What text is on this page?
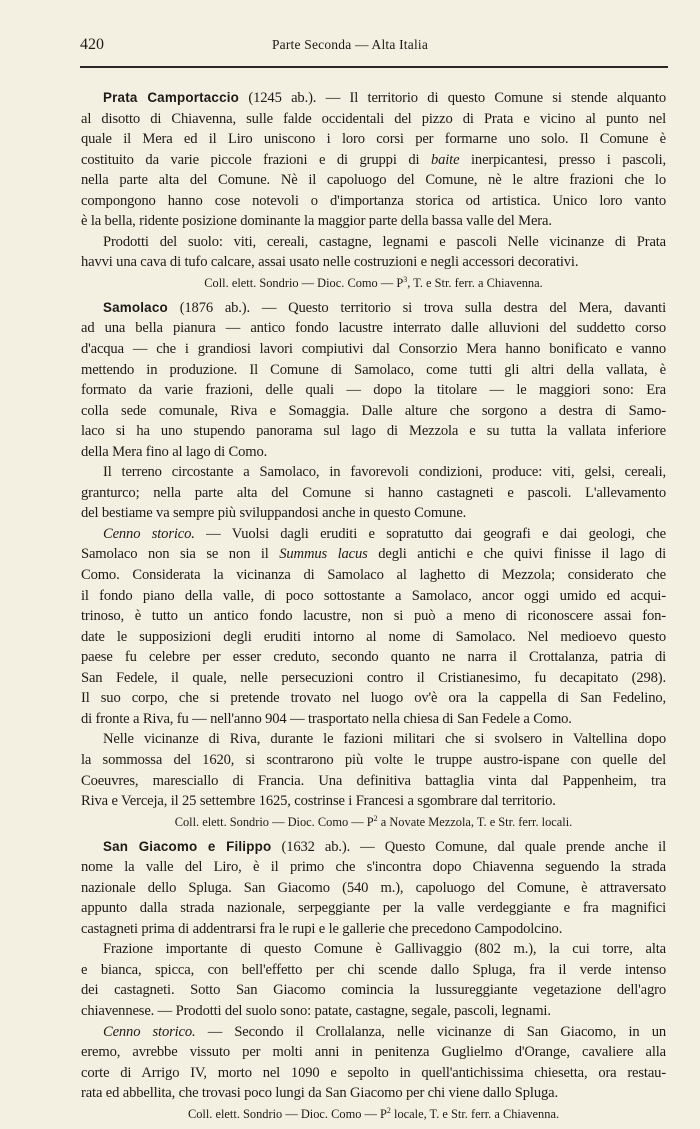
420	Parte Seconda — Alta Italia
Prata Camportaccio (1245 ab.). — Il territorio di questo Comune si stende alquanto
al disotto di Chiavenna, sulle falde occidentali del pizzo di Prata e vicino al punto nel
quale il Mera ed il Liro uniscono i loro corsi per formarne uno solo. Il Comune è
costituito da varie piccole frazioni e di gruppi di baite inerpicantesi, presso i pascoli,
nella parte alta del Comune. Nè il capoluogo del Comune, nè le altre frazioni che lo
compongono hanno cose notevoli o d'importanza storica od artistica. Unico loro vanto
è la bella, ridente posizione dominante la maggior parte della bassa valle del Mera.
Prodotti del suolo: viti, cereali, castagne, legnami e pascoli Nelle vicinanze di Prata
havvi una cava di tufo calcare, assai usato nelle costruzioni e negli accessori decorativi.
Coll. elett. Sondrio — Dioc. Como — $P^3$, T. e Str. ferr. a Chiavenna.
Samolaco (1876 ab.). — Questo territorio si trova sulla destra del Mera, davanti
ad una bella pianura — antico fondo lacustre interrato dalle alluvioni del suddetto corso
d'acqua — che i grandiosi lavori compiutivi dal Consorzio Mera hanno bonificato e vanno
mettendo in produzione. Il Comune di Samolaco, come tutti gli altri della vallata, è
formato da varie frazioni, delle quali — dopo la titolare — le maggiori sono: Era
colla sede comunale, Riva e Somaggia. Dalle alture che sorgono a destra di Samo-
laco si ha uno stupendo panorama sul lago di Mezzola e su tutta la vallata inferiore
della Mera fino al lago di Como.
Il terreno circostante a Samolaco, in favorevoli condizioni, produce: viti, gelsi, cereali,
granturco; nella parte alta del Comune si hanno castagneti e pascoli. L'allevamento
del bestiame va sempre più sviluppandosi anche in questo Comune.
Cenno storico. — Vuolsi dagli eruditi e sopratutto dai geografi e dai geologi, che
Samolaco non sia se non il Summus lacus degli antichi e che quivi finisse il lago di
Como. Considerata la vicinanza di Samolaco al laghetto di Mezzola; considerato che
il fondo piano della valle, di poco sottostante a Samolaco, ancor oggi umido ed acqui-
trinoso, è tutto un antico fondo lacustre, non si può a meno di riconoscere assai fon-
date le supposizioni degli eruditi intorno al nome di Samolaco. Nel medioevo questo
paese fu celebre per esser creduto, secondo quanto ne narra il Crottalanza, patria di
San Fedele, il quale, nelle persecuzioni contro il Cristianesimo, fu decapitato (298).
Il suo corpo, che si pretende trovato nel luogo ov'è ora la cappella di San Fedelino,
di fronte a Riva, fu — nell'anno 904 — trasportato nella chiesa di San Fedele a Como.
Nelle vicinanze di Riva, durante le fazioni militari che si svolsero in Valtellina dopo
la sommossa del 1620, si scontrarono più volte le truppe austro-ispane con quelle del
Coeuvres, maresciallo di Francia. Una definitiva battaglia vinta dal Pappenheim, tra
Riva e Verceja, il 25 settembre 1625, costrinse i Francesi a sgombrare dal territorio.
Coll. elett. Sondrio — Dioc. Como — $P^2$ a Novate Mezzola, T. e Str. ferr. locali.
San Giacomo e Filippo (1632 ab.). — Questo Comune, dal quale prende anche il
nome la valle del Liro, è il primo che s'incontra dopo Chiavenna seguendo la strada
nazionale dello Spluga. San Giacomo (540 m.), capoluogo del Comune, è attraversato
appunto dalla strada nazionale, serpeggiante per la valle verdeggiante e fra magnifici
castagneti prima di addentrarsi fra le rupi e le gallerie che precedono Campodolcino.
Frazione importante di questo Comune è Gallivaggio (802 m.), la cui torre, alta
e bianca, spicca, con bell'effetto per chi scende dallo Spluga, fra il verde intenso
dei castagneti. Sotto San Giacomo comincia la lussureggiante vegetazione dell'agro
chiavennese. — Prodotti del suolo sono: patate, castagne, segale, pascoli, legnami.
Cenno storico. — Secondo il Crollalanza, nelle vicinanze di San Giacomo, in un
eremo, avrebbe vissuto per molti anni in penitenza Guglielmo d'Orange, cavaliere alla
corte di Arrigo IV, morto nel 1090 e sepolto in quell'antichissima chiesetta, ora restau-
rata ed abbellita, che trovasi poco lungi da San Giacomo per chi viene dallo Spluga.
Coll. elett. Sondrio — Dioc. Como — $P^2$ locale, T. e Str. ferr. a Chiavenna.
